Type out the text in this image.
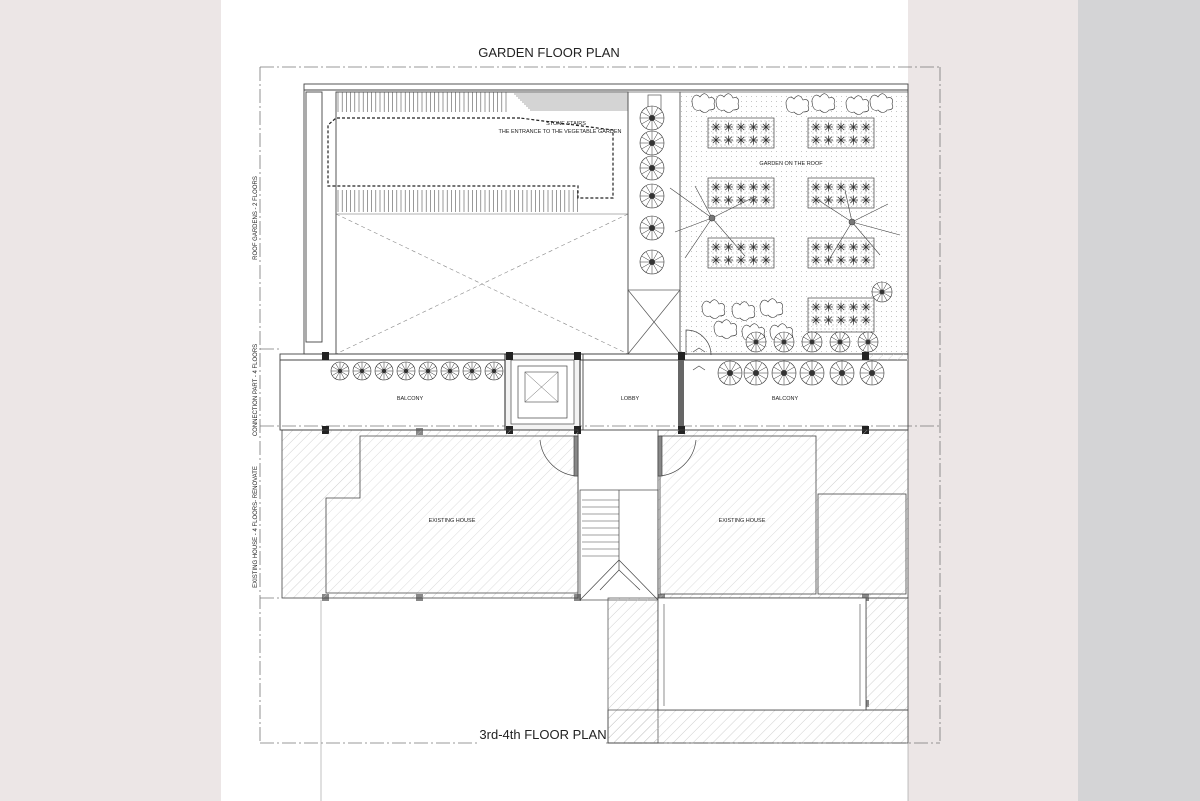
GARDEN FLOOR PLAN
3rd-4th FLOOR PLAN
ROOF GARDENS - 2 FLOORS
CONNECTION PART - 4 FLOORS
EXISTING HOUSE - 4 FLOORS- RENOVATE
STONE STAIRS
THE ENTRANCE TO THE VEGETABLE GARDEN
GARDEN ON THE ROOF
BALCONY	LOBBY	BALCONY
EXISTING HOUSE	EXISTING HOUSE
